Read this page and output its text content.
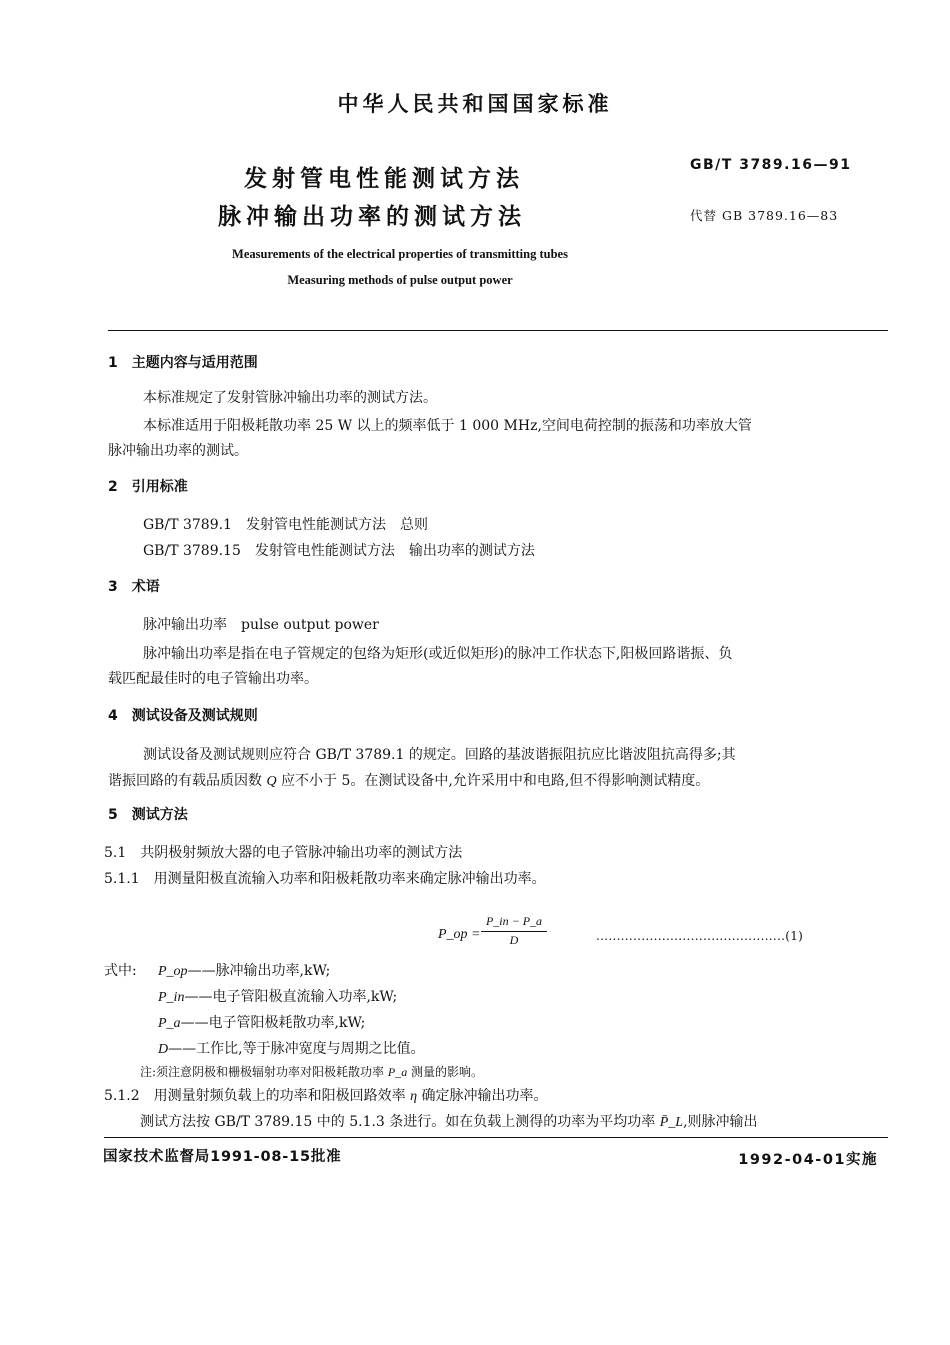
中华人民共和国国家标准
发射管电性能测试方法
脉冲输出功率的测试方法
GB/T 3789.16—91
代替 GB 3789.16—83
Measurements of the electrical properties of transmitting tubes
Measuring methods of pulse output power
1　主题内容与适用范围
本标准规定了发射管脉冲输出功率的测试方法。
本标准适用于阳极耗散功率 25 W 以上的频率低于 1 000 MHz,空间电荷控制的振荡和功率放大管
脉冲输出功率的测试。
2　引用标准
GB/T 3789.1　发射管电性能测试方法　总则
GB/T 3789.15　发射管电性能测试方法　输出功率的测试方法
3　术语
脉冲输出功率　pulse output power
脉冲输出功率是指在电子管规定的包络为矩形(或近似矩形)的脉冲工作状态下,阳极回路谐振、负
载匹配最佳时的电子管输出功率。
4　测试设备及测试规则
测试设备及测试规则应符合 GB/T 3789.1 的规定。回路的基波谐振阻抗应比谐波阻抗高得多;其
谐振回路的有载品质因数 Q 应不小于 5。在测试设备中,允许采用中和电路,但不得影响测试精度。
5　测试方法
5.1　共阴极射频放大器的电子管脉冲输出功率的测试方法
5.1.1　用测量阳极直流输入功率和阳极耗散功率来确定脉冲输出功率。
P_op = $\frac{P\_in - P\_a}{D}$	..............................................(1)
式中: P_op——脉冲输出功率,kW;
P_in——电子管阳极直流输入功率,kW;
P_a——电子管阳极耗散功率,kW;
D——工作比,等于脉冲宽度与周期之比值。
注:须注意阴极和栅极辐射功率对阳极耗散功率 P_a 测量的影响。
5.1.2　用测量射频负载上的功率和阳极回路效率 η 确定脉冲输出功率。
测试方法按 GB/T 3789.15 中的 5.1.3 条进行。如在负载上测得的功率为平均功率 P̄_L,则脉冲输出
国家技术监督局1991-08-15批准	1992-04-01实施
